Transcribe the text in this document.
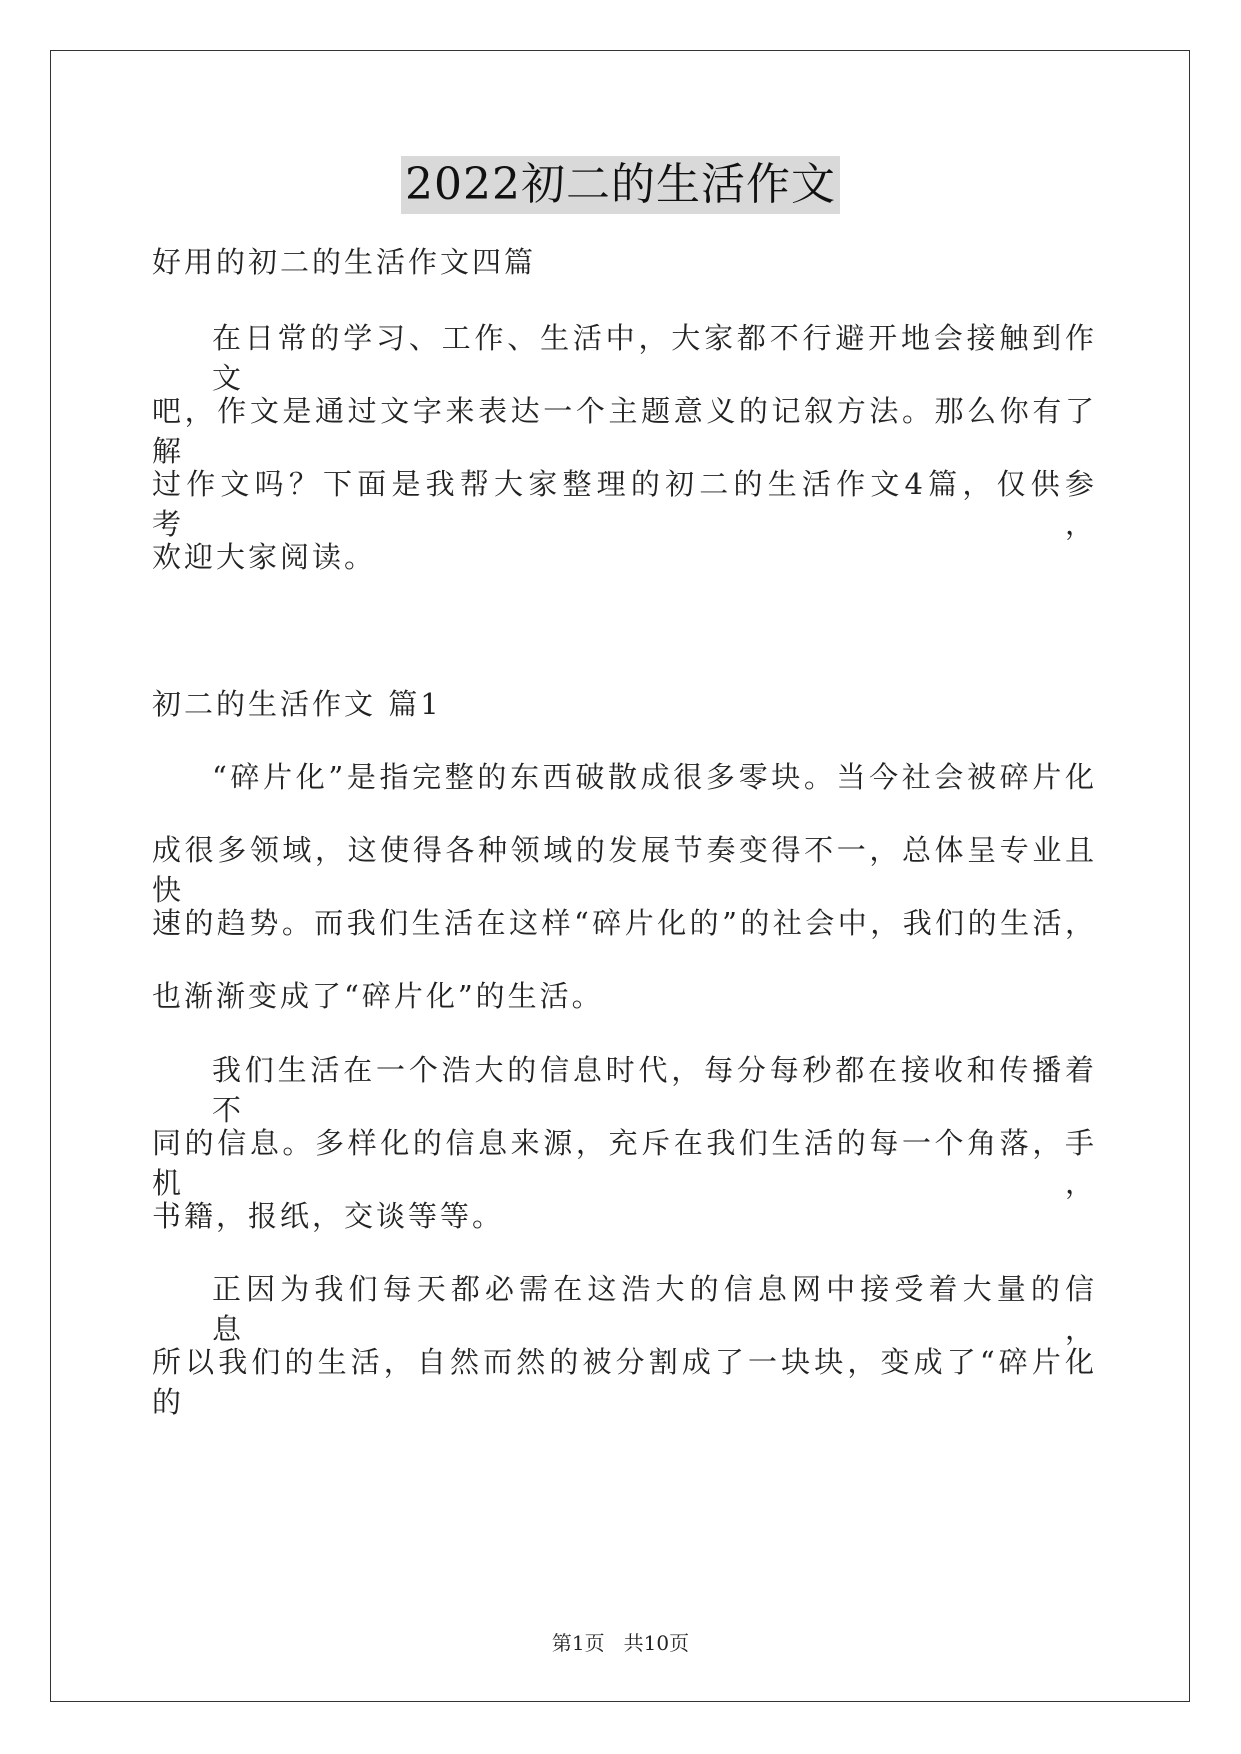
2022初二的生活作文
好用的初二的生活作文四篇
在日常的学习、工作、生活中，大家都不行避开地会接触到作文
吧，作文是通过文字来表达一个主题意义的记叙方法。那么你有了解
过作文吗？下面是我帮大家整理的初二的生活作文4篇，仅供参考，
欢迎大家阅读。
初二的生活作文 篇1
“碎片化”是指完整的东西破散成很多零块。当今社会被碎片化
成很多领域，这使得各种领域的发展节奏变得不一，总体呈专业且快
速的趋势。而我们生活在这样“碎片化的”的社会中，我们的生活，
也渐渐变成了“碎片化”的生活。
我们生活在一个浩大的信息时代，每分每秒都在接收和传播着不
同的信息。多样化的信息来源，充斥在我们生活的每一个角落，手机，
书籍，报纸，交谈等等。
正因为我们每天都必需在这浩大的信息网中接受着大量的信息，
所以我们的生活，自然而然的被分割成了一块块，变成了“碎片化的
第1页 共10页
